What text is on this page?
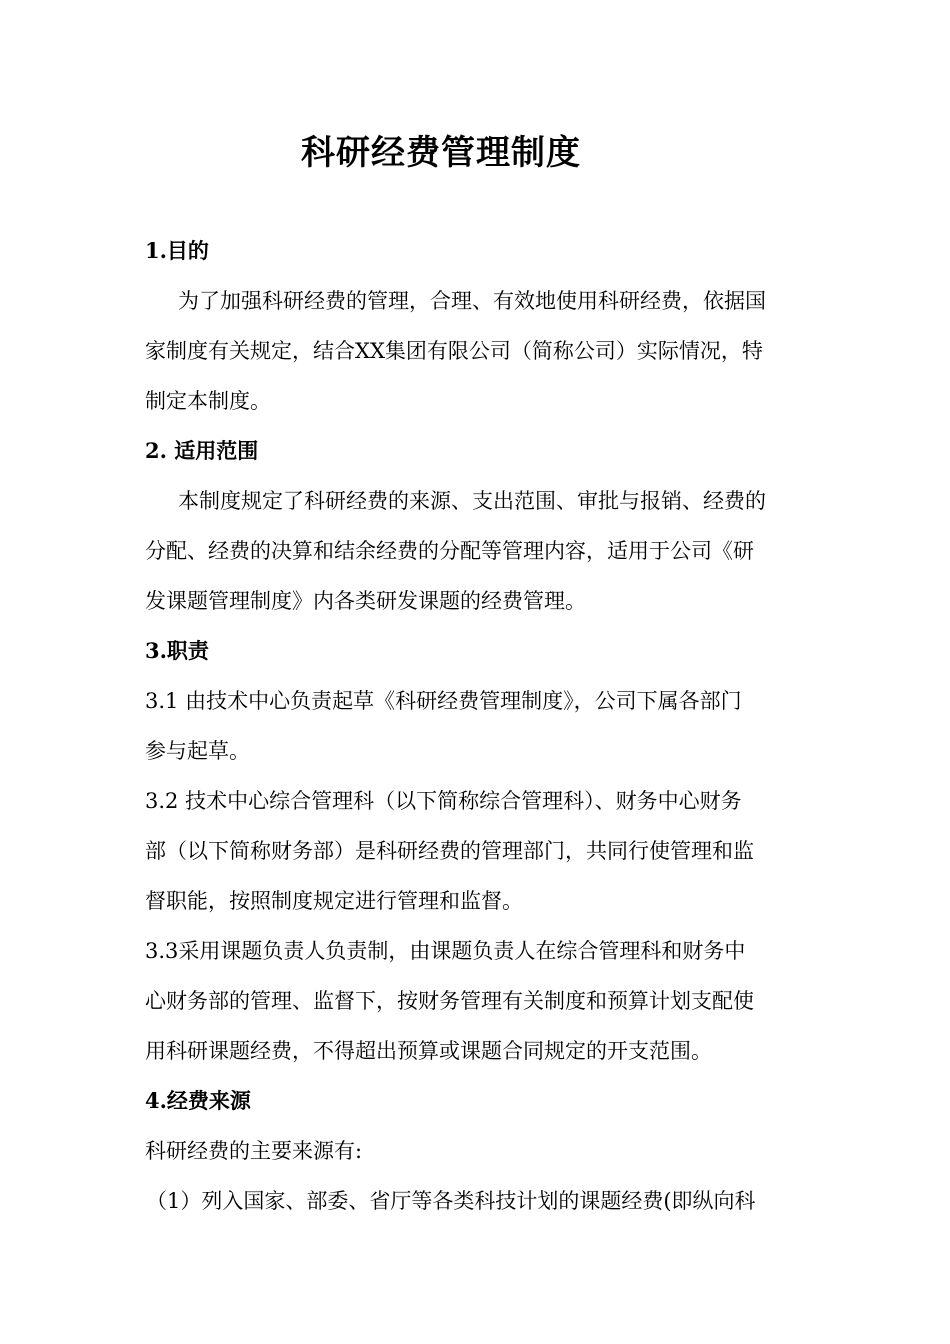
科研经费管理制度
1.目的
为了加强科研经费的管理，合理、有效地使用科研经费，依据国
家制度有关规定，结合XX集团有限公司（简称公司）实际情况，特
制定本制度。
2. 适用范围
本制度规定了科研经费的来源、支出范围、审批与报销、经费的
分配、经费的决算和结余经费的分配等管理内容，适用于公司《研
发课题管理制度》内各类研发课题的经费管理。
3.职责
3.1 由技术中心负责起草《科研经费管理制度》，公司下属各部门
参与起草。
3.2 技术中心综合管理科（以下简称综合管理科）、财务中心财务
部（以下简称财务部）是科研经费的管理部门，共同行使管理和监
督职能，按照制度规定进行管理和监督。
3.3采用课题负责人负责制，由课题负责人在综合管理科和财务中
心财务部的管理、监督下，按财务管理有关制度和预算计划支配使
用科研课题经费，不得超出预算或课题合同规定的开支范围。
4.经费来源
科研经费的主要来源有:
（1）列入国家、部委、省厅等各类科技计划的课题经费(即纵向科
